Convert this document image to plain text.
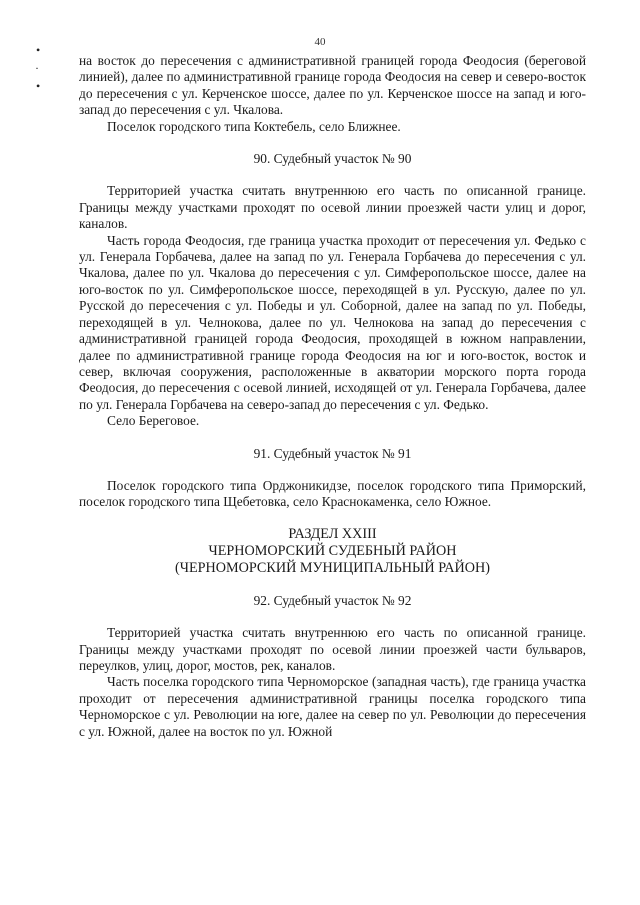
40
•
·
•

на восток до пересечения с административной границей города Феодосия (береговой линией), далее по административной границе города Феодосия на север и северо-восток до пересечения с ул. Керченское шоссе, далее по ул. Керченское шоссе на запад и юго-запад до пересечения с ул. Чкалова.

Поселок городского типа Коктебель, село Ближнее.

90. Судебный участок № 90

Территорией участка считать внутреннюю его часть по описанной границе. Границы между участками проходят по осевой линии проезжей части улиц и дорог, каналов.

Часть города Феодосия, где граница участка проходит от пересечения ул. Федько с ул. Генерала Горбачева, далее на запад по ул. Генерала Горбачева до пересечения с ул. Чкалова, далее по ул. Чкалова до пересечения с ул. Симферопольское шоссе, далее на юго-восток по ул. Симферопольское шоссе, переходящей в ул. Русскую, далее по ул. Русской до пересечения с ул. Победы и ул. Соборной, далее на запад по ул. Победы, переходящей в ул. Челнокова, далее по ул. Челнокова на запад до пересечения с административной границей города Феодосия, проходящей в южном направлении, далее по административной границе города Феодосия на юг и юго-восток, восток и север, включая сооружения, расположенные в акватории морского порта города Феодосия, до пересечения с осевой линией, исходящей от ул. Генерала Горбачева, далее по ул. Генерала Горбачева на северо-запад до пересечения с ул. Федько.

Село Береговое.

91. Судебный участок № 91

Поселок городского типа Орджоникидзе, поселок городского типа Приморский, поселок городского типа Щебетовка, село Краснокаменка, село Южное.

РАЗДЕЛ XXIII

ЧЕРНОМОРСКИЙ СУДЕБНЫЙ РАЙОН

(ЧЕРНОМОРСКИЙ МУНИЦИПАЛЬНЫЙ РАЙОН)

92. Судебный участок № 92

Территорией участка считать внутреннюю его часть по описанной границе. Границы между участками проходят по осевой линии проезжей части бульваров, переулков, улиц, дорог, мостов, рек, каналов.

Часть поселка городского типа Черноморское (западная часть), где граница участка проходит от пересечения административной границы поселка городского типа Черноморское с ул. Революции на юге, далее на север по ул. Революции до пересечения с ул. Южной, далее на восток по ул. Южной
